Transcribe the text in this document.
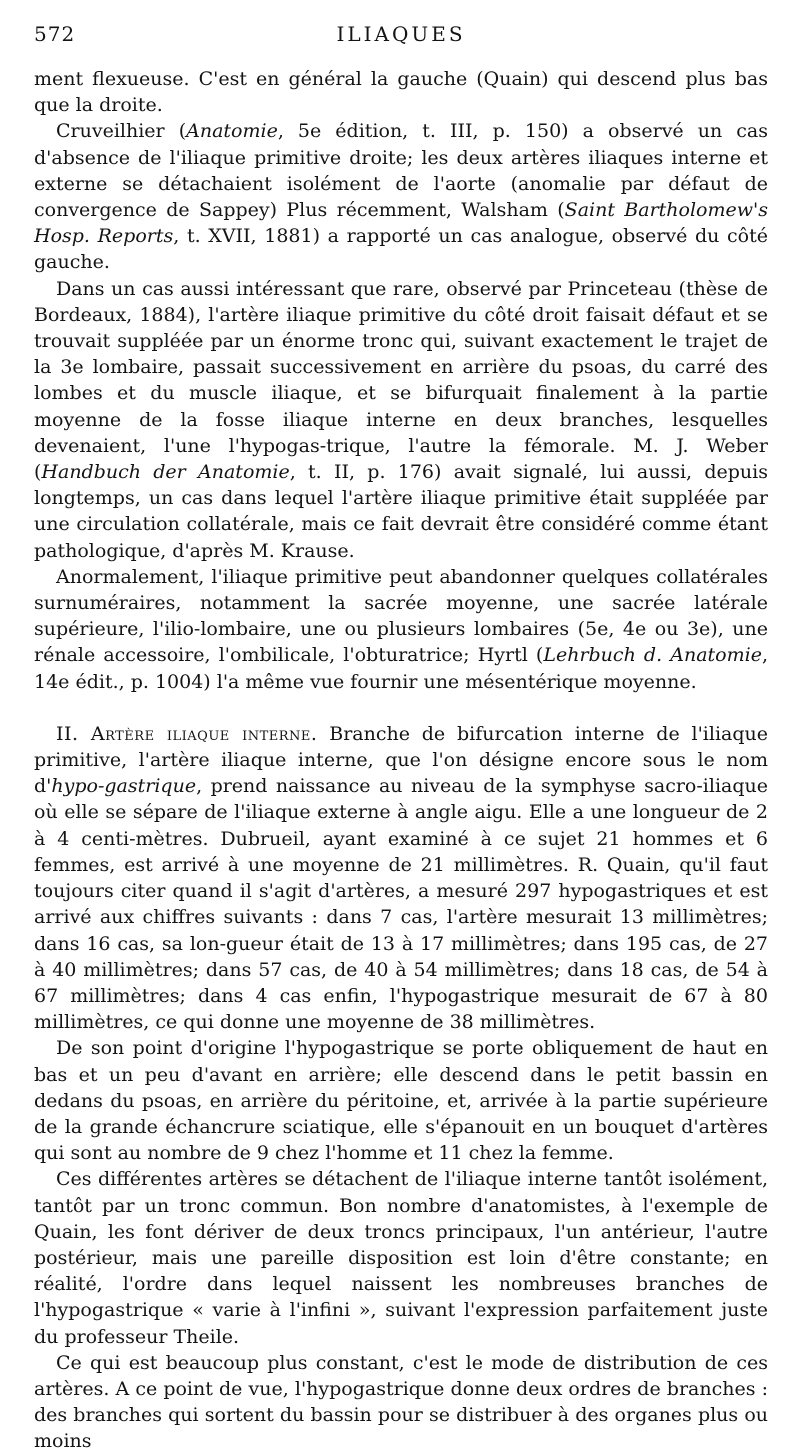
572	ILIAQUES

ment flexueuse. C'est en général la gauche (Quain) qui descend plus bas que la droite.

Cruveilhier (Anatomie, 5e édition, t. III, p. 150) a observé un cas d'absence de l'iliaque primitive droite; les deux artères iliaques interne et externe se détachaient isolément de l'aorte (anomalie par défaut de convergence de Sappey) Plus récemment, Walsham (Saint Bartholomew's Hosp. Reports, t. XVII, 1881) a rapporté un cas analogue, observé du côté gauche.

Dans un cas aussi intéressant que rare, observé par Princeteau (thèse de Bordeaux, 1884), l'artère iliaque primitive du côté droit faisait défaut et se trouvait suppléée par un énorme tronc qui, suivant exactement le trajet de la 3e lombaire, passait successivement en arrière du psoas, du carré des lombes et du muscle iliaque, et se bifurquait finalement à la partie moyenne de la fosse iliaque interne en deux branches, lesquelles devenaient, l'une l'hypogas-trique, l'autre la fémorale. M. J. Weber (Handbuch der Anatomie, t. II, p. 176) avait signalé, lui aussi, depuis longtemps, un cas dans lequel l'artère iliaque primitive était suppléée par une circulation collatérale, mais ce fait devrait être considéré comme étant pathologique, d'après M. Krause.

Anormalement, l'iliaque primitive peut abandonner quelques collatérales surnuméraires, notamment la sacrée moyenne, une sacrée latérale supérieure, l'ilio-lombaire, une ou plusieurs lombaires (5e, 4e ou 3e), une rénale accessoire, l'ombilicale, l'obturatrice; Hyrtl (Lehrbuch d. Anatomie, 14e édit., p. 1004) l'a même vue fournir une mésentérique moyenne.

II. Artère iliaque interne. Branche de bifurcation interne de l'iliaque primitive, l'artère iliaque interne, que l'on désigne encore sous le nom d'hypo-gastrique, prend naissance au niveau de la symphyse sacro-iliaque où elle se sépare de l'iliaque externe à angle aigu. Elle a une longueur de 2 à 4 centi-mètres. Dubrueil, ayant examiné à ce sujet 21 hommes et 6 femmes, est arrivé à une moyenne de 21 millimètres. R. Quain, qu'il faut toujours citer quand il s'agit d'artères, a mesuré 297 hypogastriques et est arrivé aux chiffres suivants : dans 7 cas, l'artère mesurait 13 millimètres; dans 16 cas, sa lon-gueur était de 13 à 17 millimètres; dans 195 cas, de 27 à 40 millimètres; dans 57 cas, de 40 à 54 millimètres; dans 18 cas, de 54 à 67 millimètres; dans 4 cas enfin, l'hypogastrique mesurait de 67 à 80 millimètres, ce qui donne une moyenne de 38 millimètres.

De son point d'origine l'hypogastrique se porte obliquement de haut en bas et un peu d'avant en arrière; elle descend dans le petit bassin en dedans du psoas, en arrière du péritoine, et, arrivée à la partie supérieure de la grande échancrure sciatique, elle s'épanouit en un bouquet d'artères qui sont au nombre de 9 chez l'homme et 11 chez la femme.

Ces différentes artères se détachent de l'iliaque interne tantôt isolément, tantôt par un tronc commun. Bon nombre d'anatomistes, à l'exemple de Quain, les font dériver de deux troncs principaux, l'un antérieur, l'autre postérieur, mais une pareille disposition est loin d'être constante; en réalité, l'ordre dans lequel naissent les nombreuses branches de l'hypogastrique « varie à l'infini », suivant l'expression parfaitement juste du professeur Theile.

Ce qui est beaucoup plus constant, c'est le mode de distribution de ces artères. A ce point de vue, l'hypogastrique donne deux ordres de branches : des branches qui sortent du bassin pour se distribuer à des organes plus ou moins
